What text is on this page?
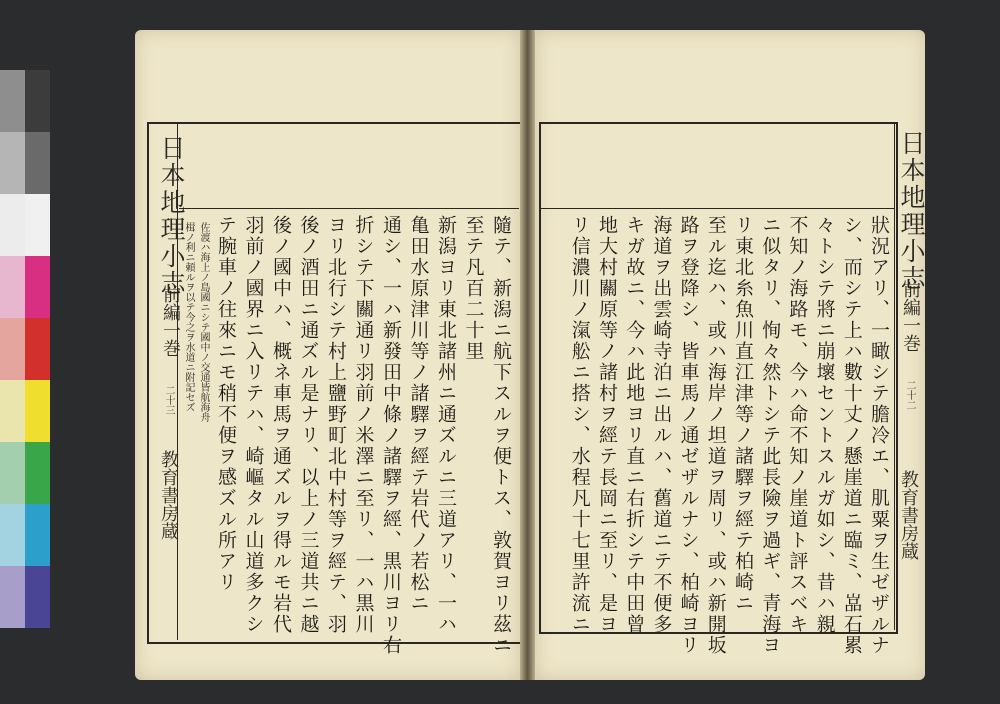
日本地理小志
前編一巻
二十三
教育書房蔵
佐渡ハ海上ノ島國ニシテ國中ノ交通皆航海舟
楫ノ利ニ頼ルヲ以テ今之ヲ水道ニ附記セズ	隨テ、新潟ニ航下スルヲ便トス、敦賀ヨリ茲ニ
至テ凡百二十里
新潟ヨリ東北諸州ニ通ズルニ三道アリ、一ハ
亀田水原津川等ノ諸驛ヲ經テ岩代ノ若松ニ
通シ、一ハ新發田中條ノ諸驛ヲ經、黒川ヨリ右
折シテ下關通リ羽前ノ米澤ニ至リ、一ハ黒川
ヨリ北行シテ村上鹽野町北中村等ヲ經テ、羽
後ノ酒田ニ通ズル是ナリ、以上ノ三道共ニ越
後ノ國中ハ、概ネ車馬ヲ通ズルヲ得ルモ岩代
羽前ノ國界ニ入リテハ、崎嶇タル山道多クシ
テ腕車ノ往來ニモ稍不便ヲ感ズル所アリ
日本地理小志
前編一巻
二十二
教育書房蔵
狀況アリ、一瞰シテ膽冷エ、肌粟ヲ生ゼザルナ
シ、而シテ上ハ數十丈ノ懸崖道ニ臨ミ、嵓石累
々トシテ將ニ崩壞セントスルガ如シ、昔ハ親
不知ノ海路モ、今ハ命不知ノ崖道ト評スベキ
ニ似タリ、恂々然トシテ此長險ヲ過ギ、青海ヨ
リ東北糸魚川直江津等ノ諸驛ヲ經テ柏崎ニ
至ル迄ハ、或ハ海岸ノ坦道ヲ周リ、或ハ新開坂
路ヲ登降シ、皆車馬ノ通ゼザルナシ、柏崎ヨリ
海道ヲ出雲崎寺泊ニ出ルハ、舊道ニテ不便多
キガ故ニ、今ハ此地ヨリ直ニ右折シテ中田曾
地大村關原等ノ諸村ヲ經テ長岡ニ至リ、是ヨ
リ信濃川ノ滊舩ニ搭シ、水程凡十七里許流ニ
